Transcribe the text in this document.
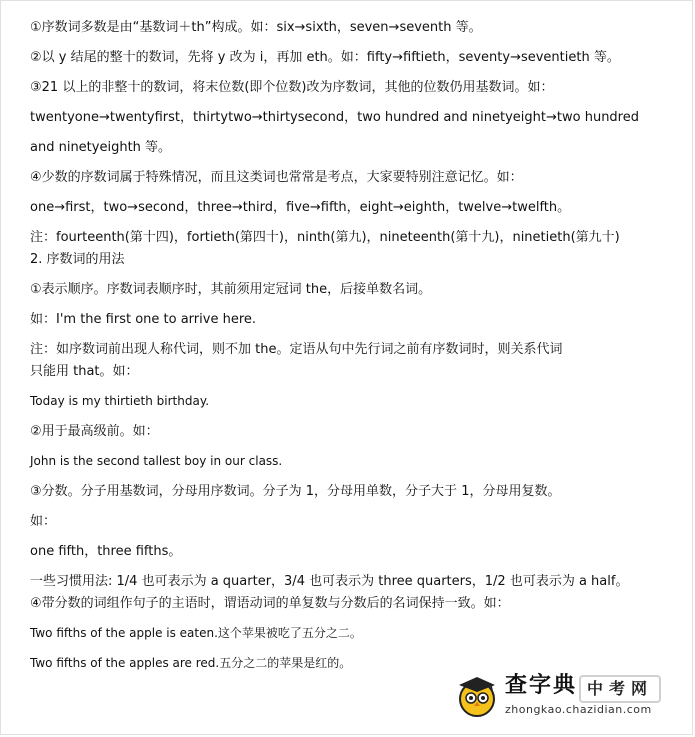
①序数词多数是由“基数词＋th”构成。如：six→sixth，seven→seventh 等。

②以 y 结尾的整十的数词，先将 y 改为 i，再加 eth。如：fifty→fiftieth，seventy→seventieth 等。

③21 以上的非整十的数词，将末位数(即个位数)改为序数词，其他的位数仍用基数词。如：

twentyone→twentyfirst，thirtytwo→thirtysecond，two hundred and ninetyeight→two hundred

and ninetyeighth 等。

④少数的序数词属于特殊情况，而且这类词也常常是考点，大家要特别注意记忆。如：

one→first，two→second，three→third，five→fifth，eight→eighth，twelve→twelfth。

注：fourteenth(第十四)，fortieth(第四十)，ninth(第九)，nineteenth(第十九)，ninetieth(第九十)

2. 序数词的用法

①表示顺序。序数词表顺序时，其前须用定冠词 the，后接单数名词。

如：I'm the first one to arrive here.

注：如序数词前出现人称代词，则不加 the。定语从句中先行词之前有序数词时，则关系代词

只能用 that。如：

Today is my thirtieth birthday.

②用于最高级前。如：

John is the second tallest boy in our class.

③分数。分子用基数词，分母用序数词。分子为 1，分母用单数，分子大于 1，分母用复数。

如：

one fifth，three fifths。

一些习惯用法: 1/4 也可表示为 a quarter，3/4 也可表示为 three quarters，1/2 也可表示为 a half。

④带分数的词组作句子的主语时，谓语动词的单复数与分数后的名词保持一致。如：

Two fifths of the apple is eaten.这个苹果被吃了五分之二。

Two fifths of the apples are red.五分之二的苹果是红的。

查字典 中考网
zhongkao.chazidian.com
